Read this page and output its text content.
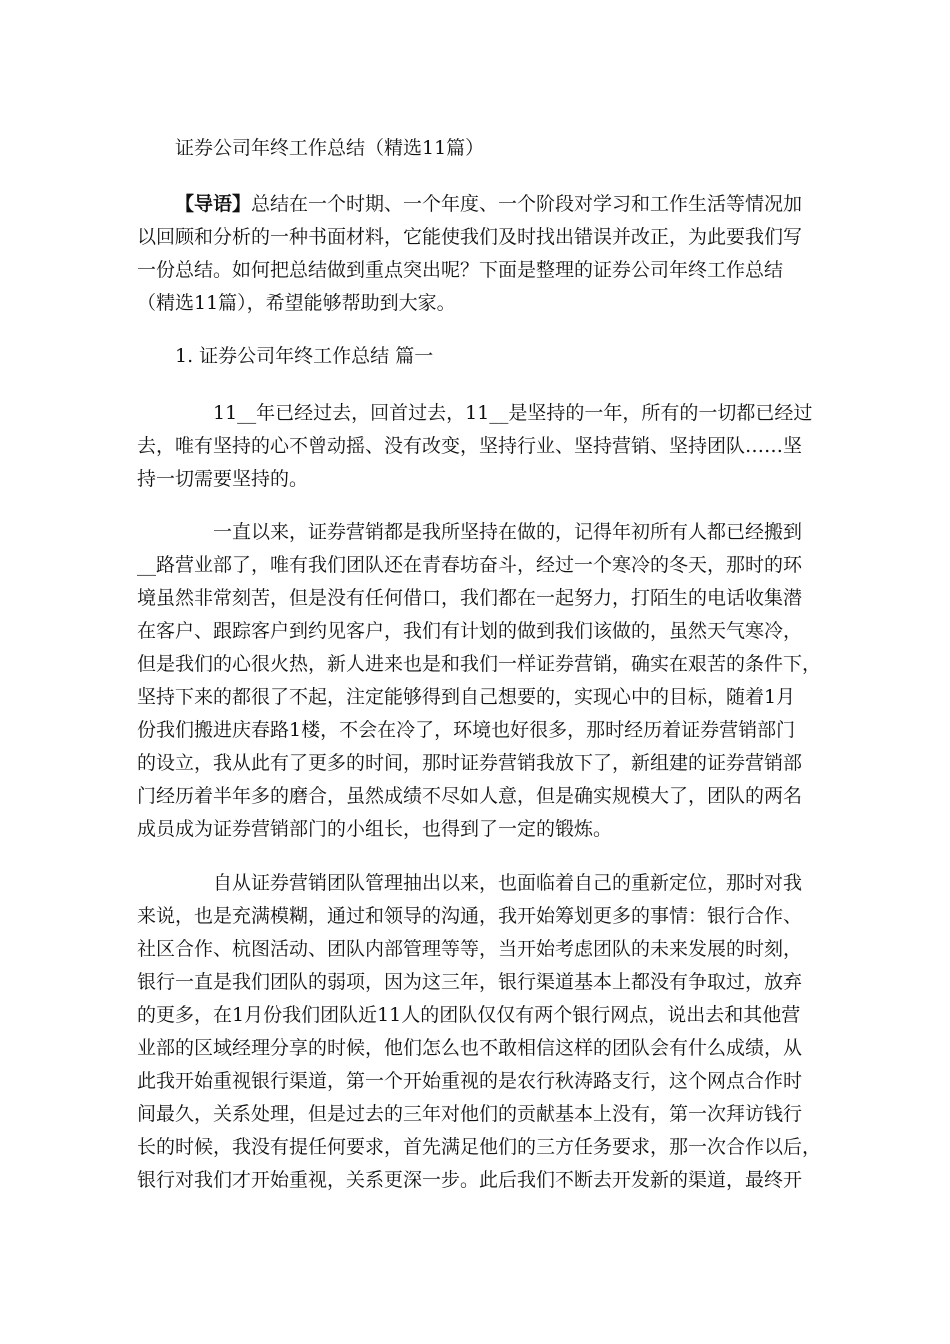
证券公司年终工作总结（精选11篇）
【导语】总结在一个时期、一个年度、一个阶段对学习和工作生活等情况加
以回顾和分析的一种书面材料，它能使我们及时找出错误并改正，为此要我们写
一份总结。如何把总结做到重点突出呢？下面是整理的证券公司年终工作总结
（精选11篇），希望能够帮助到大家。
1. 证券公司年终工作总结 篇一
11__年已经过去，回首过去，11__是坚持的一年，所有的一切都已经过
去，唯有坚持的心不曾动摇、没有改变，坚持行业、坚持营销、坚持团队……坚
持一切需要坚持的。
一直以来，证券营销都是我所坚持在做的，记得年初所有人都已经搬到
__路营业部了，唯有我们团队还在青春坊奋斗，经过一个寒冷的冬天，那时的环
境虽然非常刻苦，但是没有任何借口，我们都在一起努力，打陌生的电话收集潜
在客户、跟踪客户到约见客户，我们有计划的做到我们该做的，虽然天气寒冷，
但是我们的心很火热，新人进来也是和我们一样证券营销，确实在艰苦的条件下，
坚持下来的都很了不起，注定能够得到自己想要的，实现心中的目标，随着1月
份我们搬进庆春路1楼，不会在冷了，环境也好很多，那时经历着证券营销部门
的设立，我从此有了更多的时间，那时证券营销我放下了，新组建的证券营销部
门经历着半年多的磨合，虽然成绩不尽如人意，但是确实规模大了，团队的两名
成员成为证券营销部门的小组长，也得到了一定的锻炼。
自从证券营销团队管理抽出以来，也面临着自己的重新定位，那时对我
来说，也是充满模糊，通过和领导的沟通，我开始筹划更多的事情：银行合作、
社区合作、杭图活动、团队内部管理等等，当开始考虑团队的未来发展的时刻，
银行一直是我们团队的弱项，因为这三年，银行渠道基本上都没有争取过，放弃
的更多，在1月份我们团队近11人的团队仅仅有两个银行网点，说出去和其他营
业部的区域经理分享的时候，他们怎么也不敢相信这样的团队会有什么成绩，从
此我开始重视银行渠道，第一个开始重视的是农行秋涛路支行，这个网点合作时
间最久，关系处理，但是过去的三年对他们的贡献基本上没有，第一次拜访钱行
长的时候，我没有提任何要求，首先满足他们的三方任务要求，那一次合作以后，
银行对我们才开始重视，关系更深一步。此后我们不断去开发新的渠道，最终开
